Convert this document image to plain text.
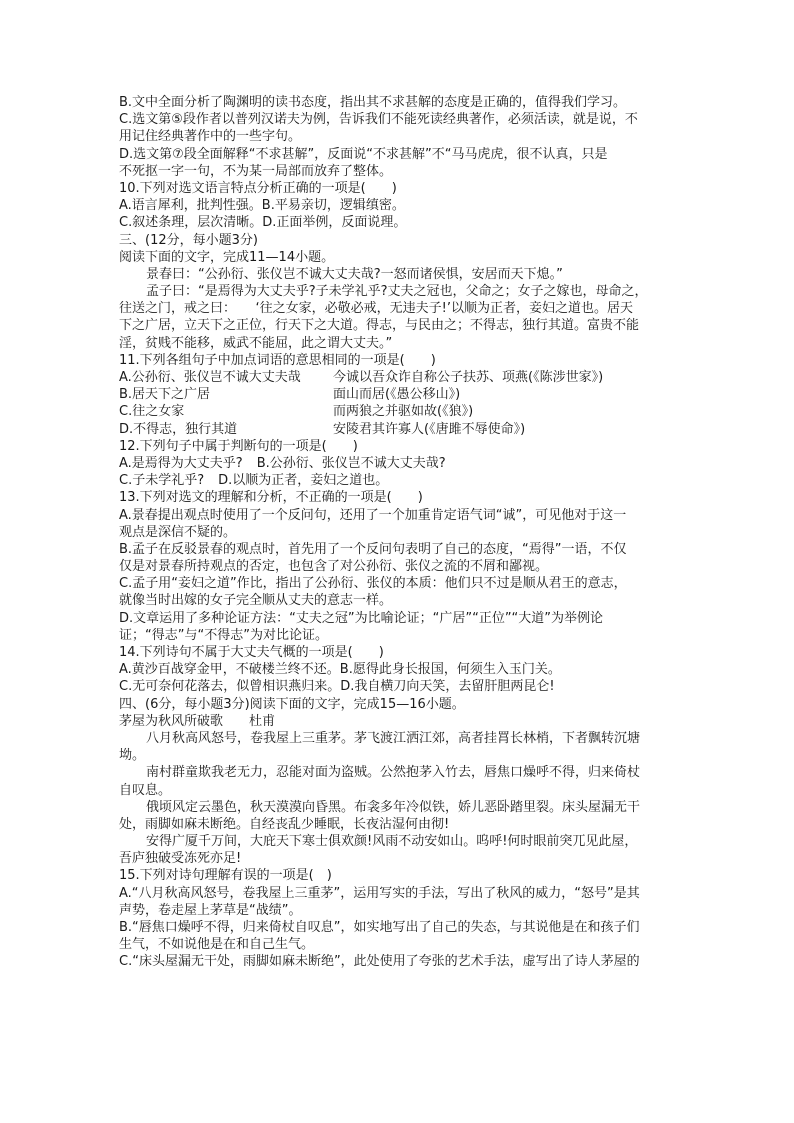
B.文中全面分析了陶渊明的读书态度，指出其不求甚解的态度是正确的，值得我们学习。
C.选文第⑤段作者以普列汉诺夫为例，告诉我们不能死读经典著作，必须活读，就是说，不
用记住经典著作中的一些字句。
D.选文第⑦段全面解释“不求甚解”，反面说“不求甚解”不“马马虎虎，很不认真，只是
不死抠一字一句，不为某一局部而放弃了整体。
10.下列对选文语言特点分析正确的一项是(　　)
A.语言犀利，批判性强。B.平易亲切，逻辑缜密。
C.叙述条理，层次清晰。D.正面举例，反面说理。
三、(12分，每小题3分)
阅读下面的文字，完成11—14小题。
景春曰：“公孙衍、张仪岂不诚大丈夫哉?一怒而诸侯惧，安居而天下熄。”
孟子曰：“是焉得为大丈夫乎?子未学礼乎?丈夫之冠也，父命之；女子之嫁也，母命之，
往送之门，戒之曰：　　‘往之女家，必敬必戒，无违夫子!’以顺为正者，妾妇之道也。居天
下之广居，立天下之正位，行天下之大道。得志，与民由之；不得志，独行其道。富贵不能
淫，贫贱不能移，威武不能屈，此之谓大丈夫。”
11.下列各组句子中加点词语的意思相同的一项是(　　)
A.公孙衍、张仪岂不诚大丈夫哉	今诚以吾众诈自称公子扶苏、项燕(《陈涉世家》)
B.居天下之广居	面山而居(《愚公移山》)
C.往之女家	而两狼之并驱如故(《狼》)
D.不得志，独行其道	安陵君其许寡人(《唐雎不辱使命》)
12.下列句子中属于判断句的一项是(　　)
A.是焉得为大丈夫乎? B.公孙衍、张仪岂不诚大丈夫哉?
C.子未学礼乎? D.以顺为正者，妾妇之道也。
13.下列对选文的理解和分析，不正确的一项是(　　)
A.景春提出观点时使用了一个反问句，还用了一个加重肯定语气词“诚”，可见他对于这一
观点是深信不疑的。
B.孟子在反驳景春的观点时，首先用了一个反问句表明了自己的态度，“焉得”一语，不仅
仅是对景春所持观点的否定，也包含了对公孙衍、张仪之流的不屑和鄙视。
C.孟子用“妾妇之道”作比，指出了公孙衍、张仪的本质：他们只不过是顺从君王的意志，
就像当时出嫁的女子完全顺从丈夫的意志一样。
D.文章运用了多种论证方法：“丈夫之冠”为比喻论证；“广居”“正位”“大道”为举例论
证；“得志”与“不得志”为对比论证。
14.下列诗句不属于大丈夫气概的一项是(　　)
A.黄沙百战穿金甲，不破楼兰终不还。B.愿得此身长报国，何须生入玉门关。
C.无可奈何花落去，似曾相识燕归来。D.我自横刀向天笑，去留肝胆两昆仑!
四、(6分，每小题3分)阅读下面的文字，完成15—16小题。
茅屋为秋风所破歌　　杜甫
八月秋高风怒号，卷我屋上三重茅。茅飞渡江洒江郊，高者挂罥长林梢，下者飘转沉塘
坳。
南村群童欺我老无力，忍能对面为盗贼。公然抱茅入竹去，唇焦口燥呼不得，归来倚杖
自叹息。
俄顷风定云墨色，秋天漠漠向昏黑。布衾多年冷似铁，娇儿恶卧踏里裂。床头屋漏无干
处，雨脚如麻未断绝。自经丧乱少睡眠，长夜沾湿何由彻!
安得广厦千万间，大庇天下寒士俱欢颜!风雨不动安如山。呜呼!何时眼前突兀见此屋，
吾庐独破受冻死亦足!
15.下列对诗句理解有误的一项是(　)
A.“八月秋高风怒号，卷我屋上三重茅”，运用写实的手法，写出了秋风的威力，“怒号”是其
声势，卷走屋上茅草是“战绩”。
B.“唇焦口燥呼不得，归来倚杖自叹息”，如实地写出了自己的失态，与其说他是在和孩子们
生气，不如说他是在和自己生气。
C.“床头屋漏无干处，雨脚如麻未断绝”，此处使用了夸张的艺术手法，虚写出了诗人茅屋的
